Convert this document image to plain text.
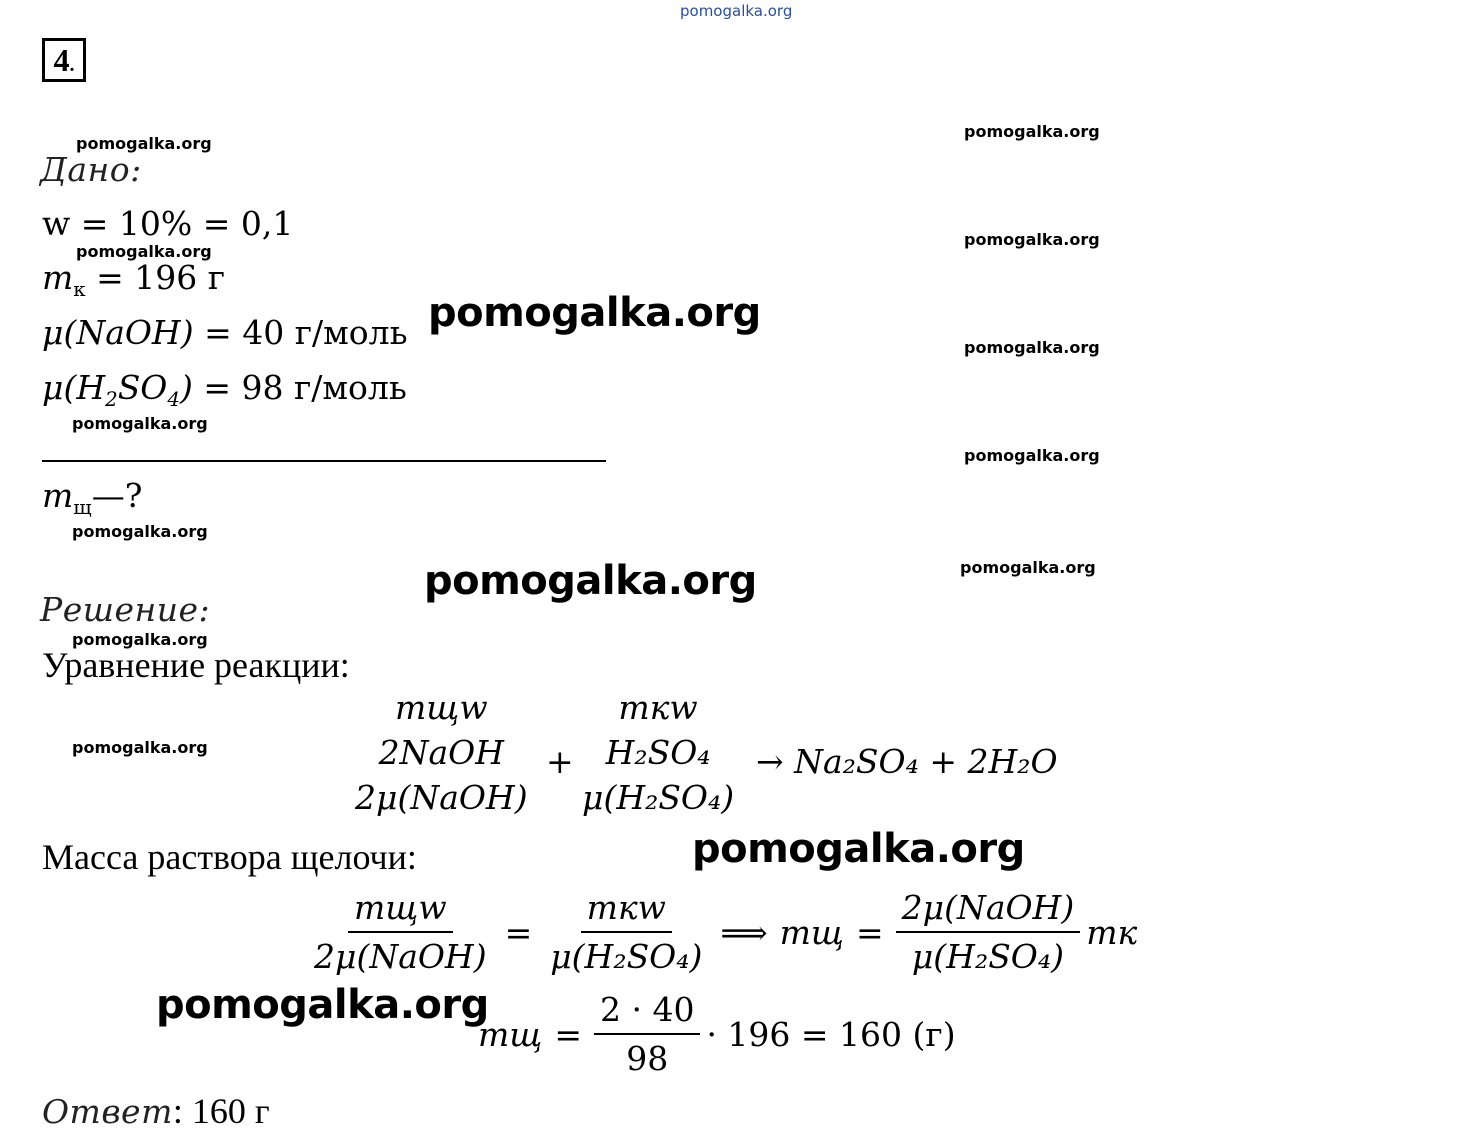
pomogalka.org
pomogalka.org
pomogalka.org
pomogalka.org
pomogalka.org
pomogalka.org
pomogalka.org
pomogalka.org
pomogalka.org
pomogalka.org
pomogalka.org
pomogalka.org
pomogalka.org
pomogalka.org
pomogalka.org
pomogalka.org
4.
Дано:
w = 10% = 0,1
$m_к = 196$ г
μ(NaOH) = 40 г/моль
$\mu(H_2SO_4) = 98$ г/моль
$m_щ—$?
Решение:
Уравнение реакции:
mщw
2NaOH
2μ(NaOH)
+
mкw
H₂SO₄
μ(H₂SO₄)
→ Na₂SO₄ + 2H₂O
Масса раствора щелочи:
$\frac{\text{mщw}}{\text{2μ(NaOH)}} = \frac{\text{mкw}}{\text{μ(H₂SO₄)}}$ ⟹ mщ = $\frac{\text{2μ(NaOH)}}{\text{μ(H₂SO₄)}}$ mк
mщ = $\frac{2 \cdot 40}{98} \cdot 196 = 160$ (г)
Ответ: 160 г
